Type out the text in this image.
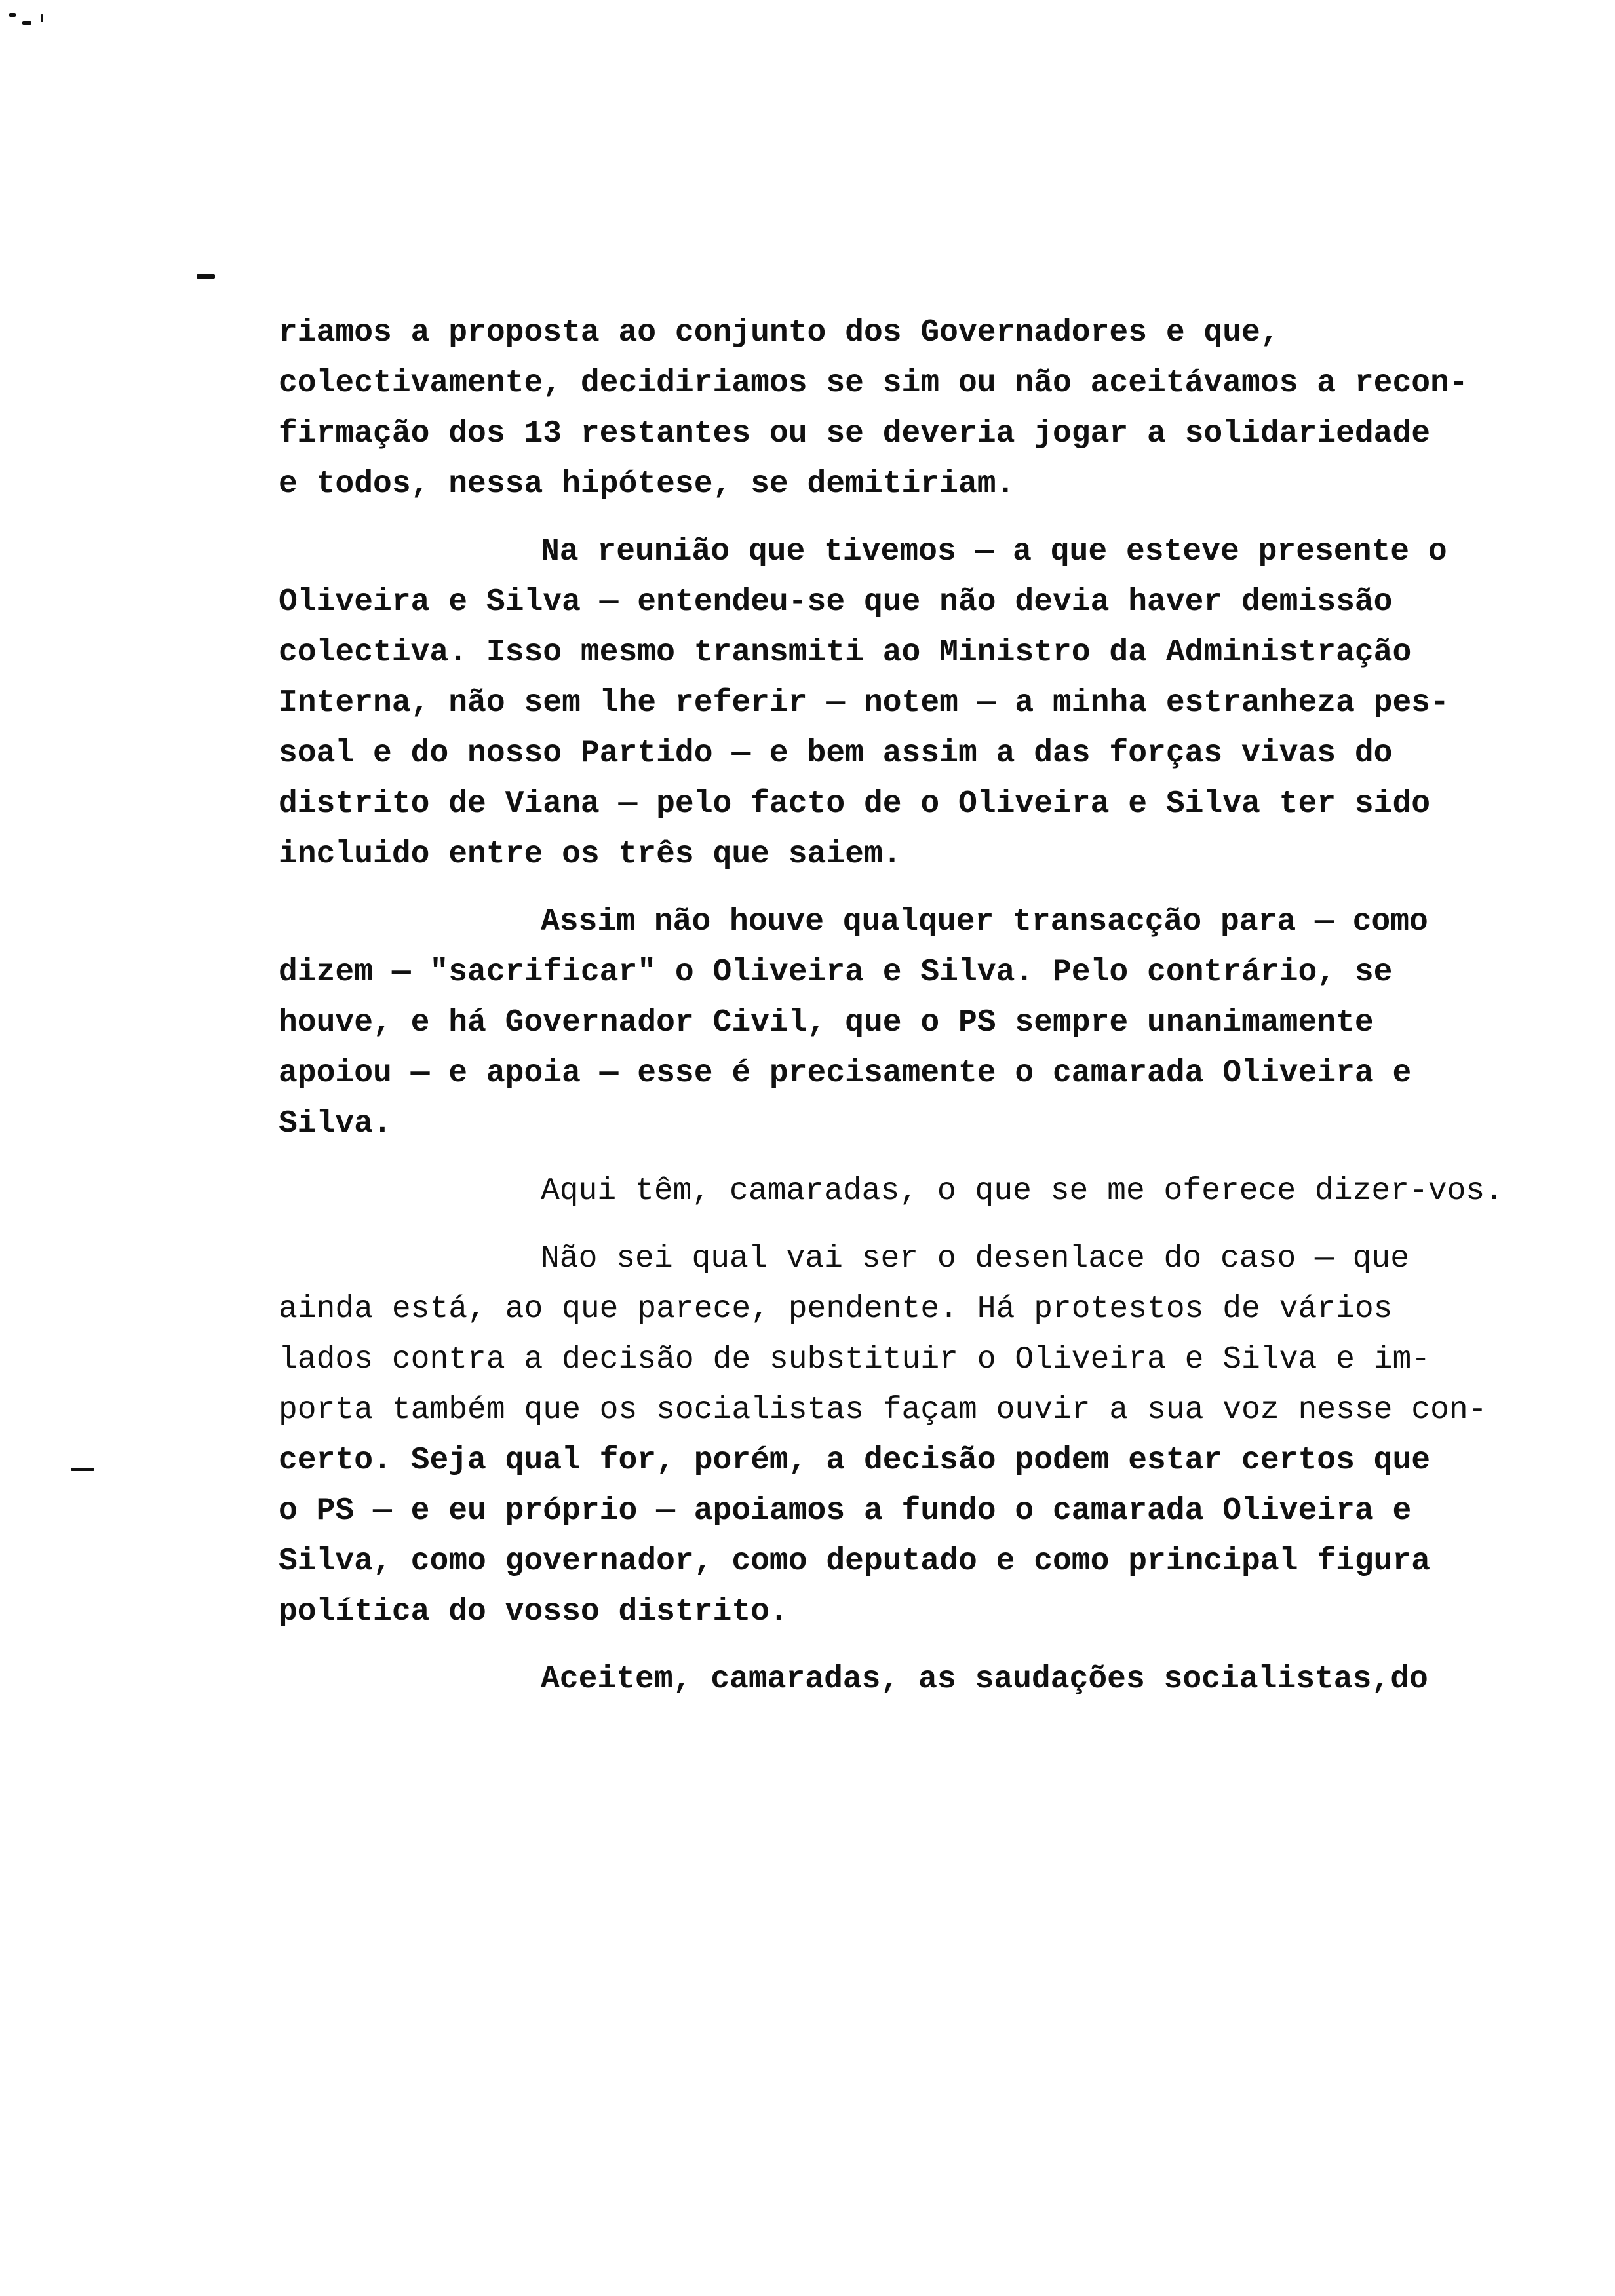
riamos a proposta ao conjunto dos Governadores e que,
colectivamente, decidiriamos se sim ou não aceitávamos a recon-
firmação dos 13 restantes ou se deveria jogar a solidariedade
e todos, nessa hipótese, se demitiriam.
Na reunião que tivemos — a que esteve presente o
Oliveira e Silva — entendeu-se que não devia haver demissão
colectiva. Isso mesmo transmiti ao Ministro da Administração
Interna, não sem lhe referir — notem — a minha estranheza pes-
soal e do nosso Partido — e bem assim a das forças vivas do
distrito de Viana — pelo facto de o Oliveira e Silva ter sido
incluido entre os três que saiem.
Assim não houve qualquer transacção para — como
dizem — "sacrificar" o Oliveira e Silva. Pelo contrário, se
houve, e há Governador Civil, que o PS sempre unanimamente
apoiou — e apoia — esse é precisamente o camarada Oliveira e
Silva.
Aqui têm, camaradas, o que se me oferece dizer-vos.
Não sei qual vai ser o desenlace do caso — que
ainda está, ao que parece, pendente. Há protestos de vários
lados contra a decisão de substituir o Oliveira e Silva e im-
porta também que os socialistas façam ouvir a sua voz nesse con-
certo. Seja qual for, porém, a decisão podem estar certos que
o PS — e eu próprio — apoiamos a fundo o camarada Oliveira e
Silva, como governador, como deputado e como principal figura
política do vosso distrito.
Aceitem, camaradas, as saudações socialistas,do
